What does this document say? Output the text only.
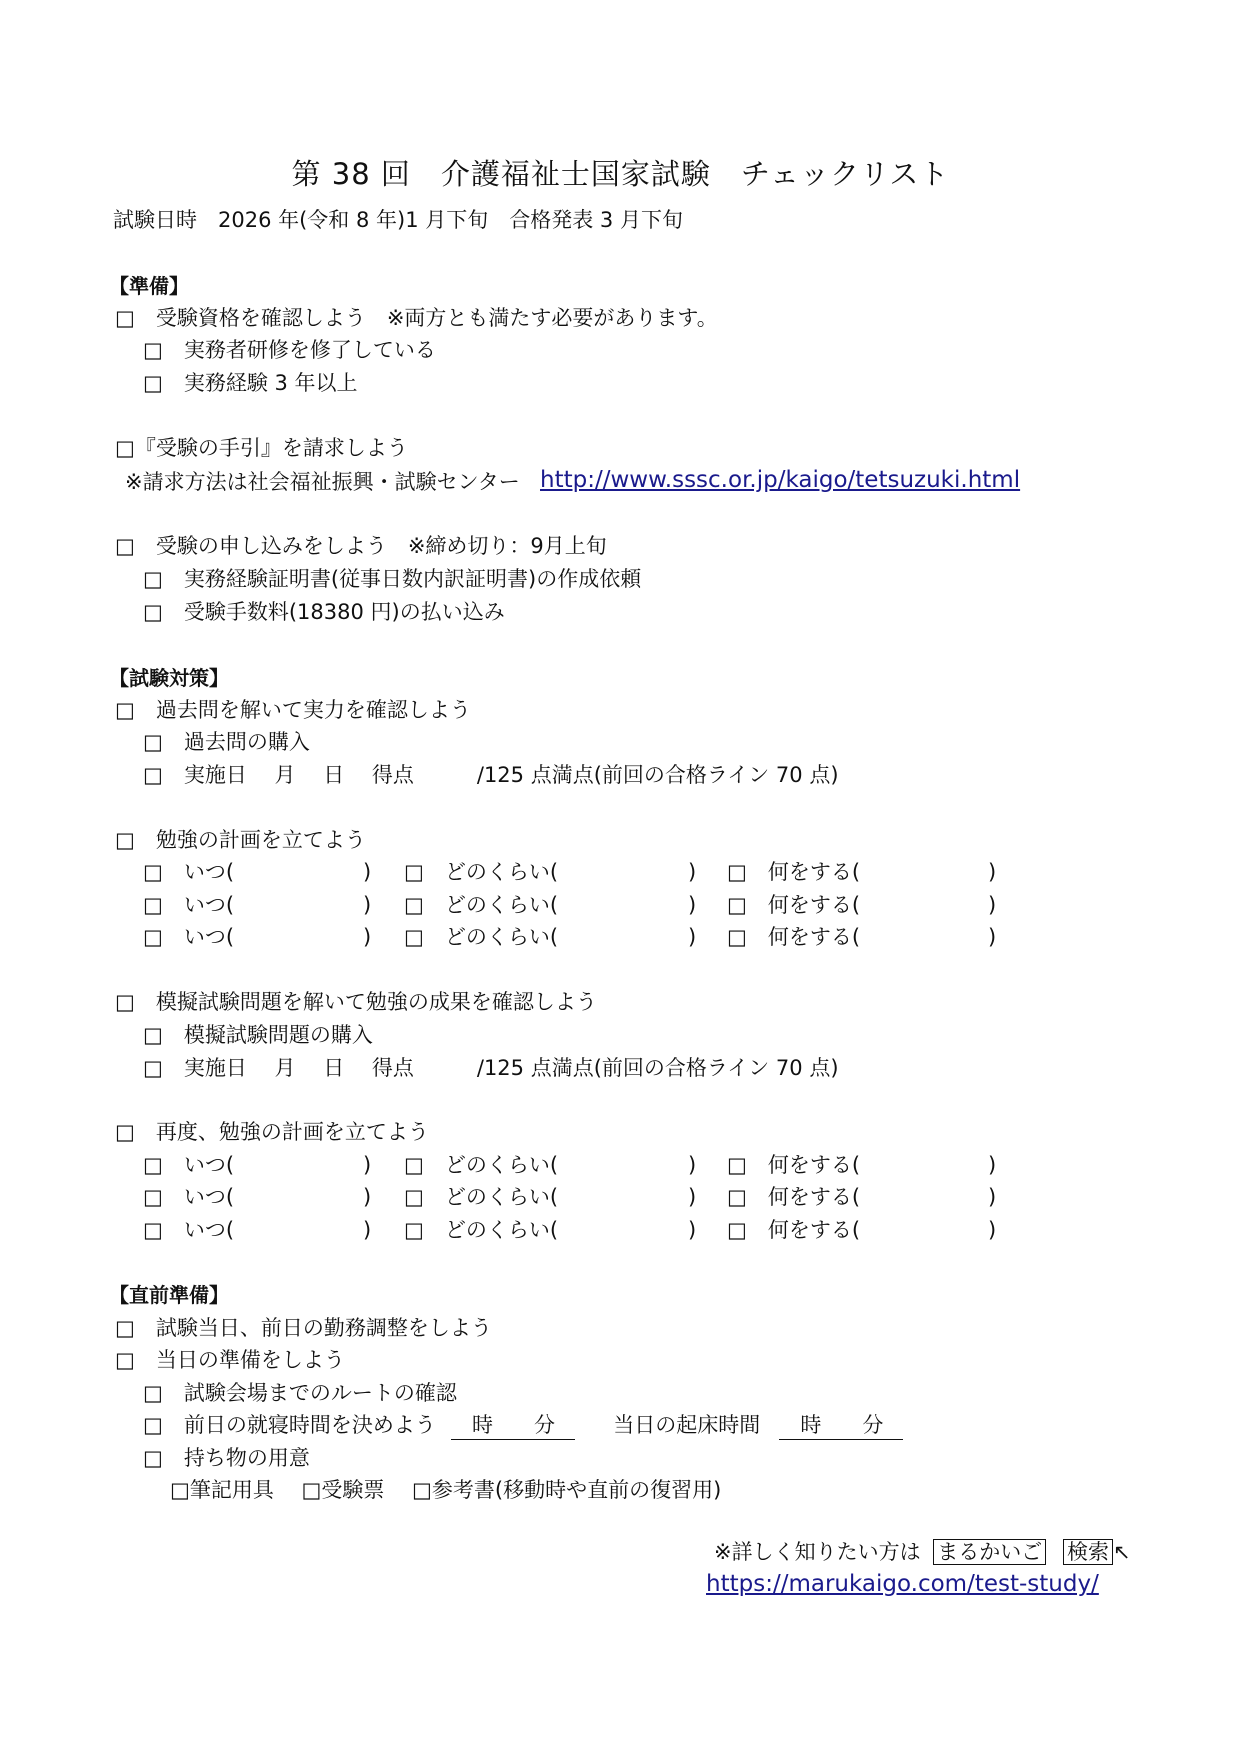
第 38 回　介護福祉士国家試験　チェックリスト
試験日時　2026 年(令和 8 年)1 月下旬　合格発表 3 月下旬
【準備】
□　受験資格を確認しよう　※両方とも満たす必要があります。
□　実務者研修を修了している
□　実務経験 3 年以上
□『受験の手引』を請求しよう
※請求方法は社会福祉振興・試験センター http://www.sssc.or.jp/kaigo/tetsuzuki.html
□　受験の申し込みをしよう　※締め切り：9月上旬
□　実務経験証明書(従事日数内訳証明書)の作成依頼
□　受験手数料(18380 円)の払い込み
【試験対策】
□　過去問を解いて実力を確認しよう
□　過去問の購入
□　実施日　 月　 日　 得点　　　/125 点満点(前回の合格ライン 70 点)
□　勉強の計画を立てよう
□　いつ(	) □　どのくらい(	) □　何をする(	)
□　いつ(	) □　どのくらい(	) □　何をする(	)
□　いつ(	) □　どのくらい(	) □　何をする(	)
□　模擬試験問題を解いて勉強の成果を確認しよう
□　模擬試験問題の購入
□　実施日　 月　 日　 得点　　　/125 点満点(前回の合格ライン 70 点)
□　再度、勉強の計画を立てよう
□　いつ(	) □　どのくらい(	) □　何をする(	)
□　いつ(	) □　どのくらい(	) □　何をする(	)
□　いつ(	) □　どのくらい(	) □　何をする(	)
【直前準備】
□　試験当日、前日の勤務調整をしよう
□　当日の準備をしよう
□　試験会場までのルートの確認
□　前日の就寝時間を決めよう 時 分	当日の起床時間 時 分
□　持ち物の用意
□筆記用具　 □受験票　 □参考書(移動時や直前の復習用)
※詳しく知りたい方は まるかいご 検索 ↖
https://marukaigo.com/test-study/
